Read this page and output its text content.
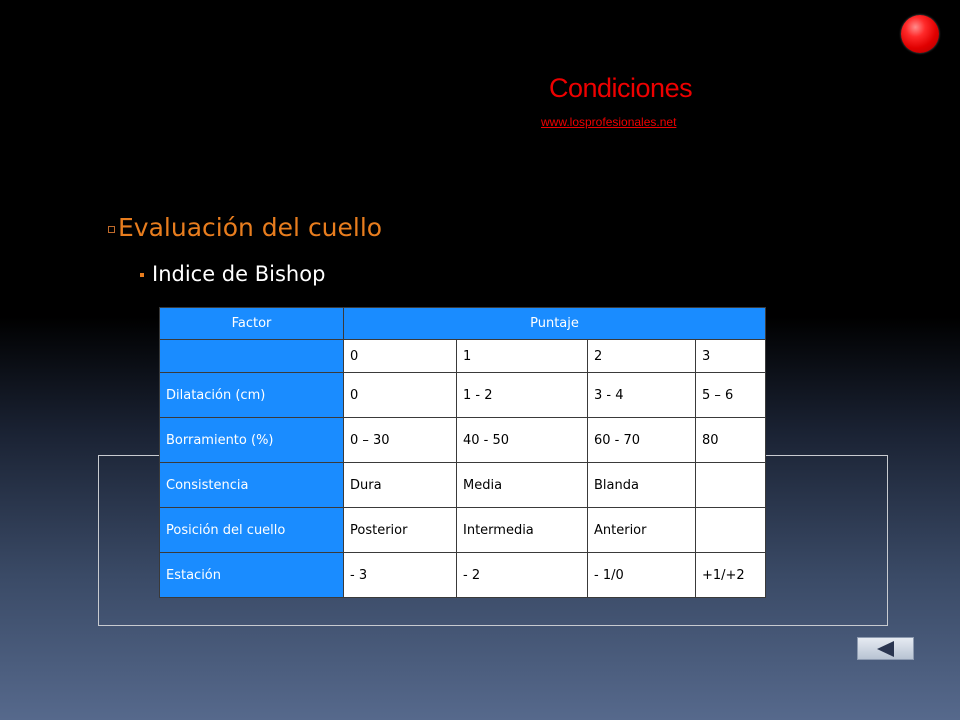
Condiciones
www.losprofesionales.net
Evaluación del cuello
Indice de Bishop
Factor	Puntaje			
	0	1	2	3
Dilatación (cm)	0	1 - 2	3 - 4	5 – 6
Borramiento (%)	0 – 30	40 - 50	60 - 70	80
Consistencia	Dura	Media	Blanda	
Posición del cuello	Posterior	Intermedia	Anterior	
Estación	- 3	- 2	- 1/0	+1/+2
